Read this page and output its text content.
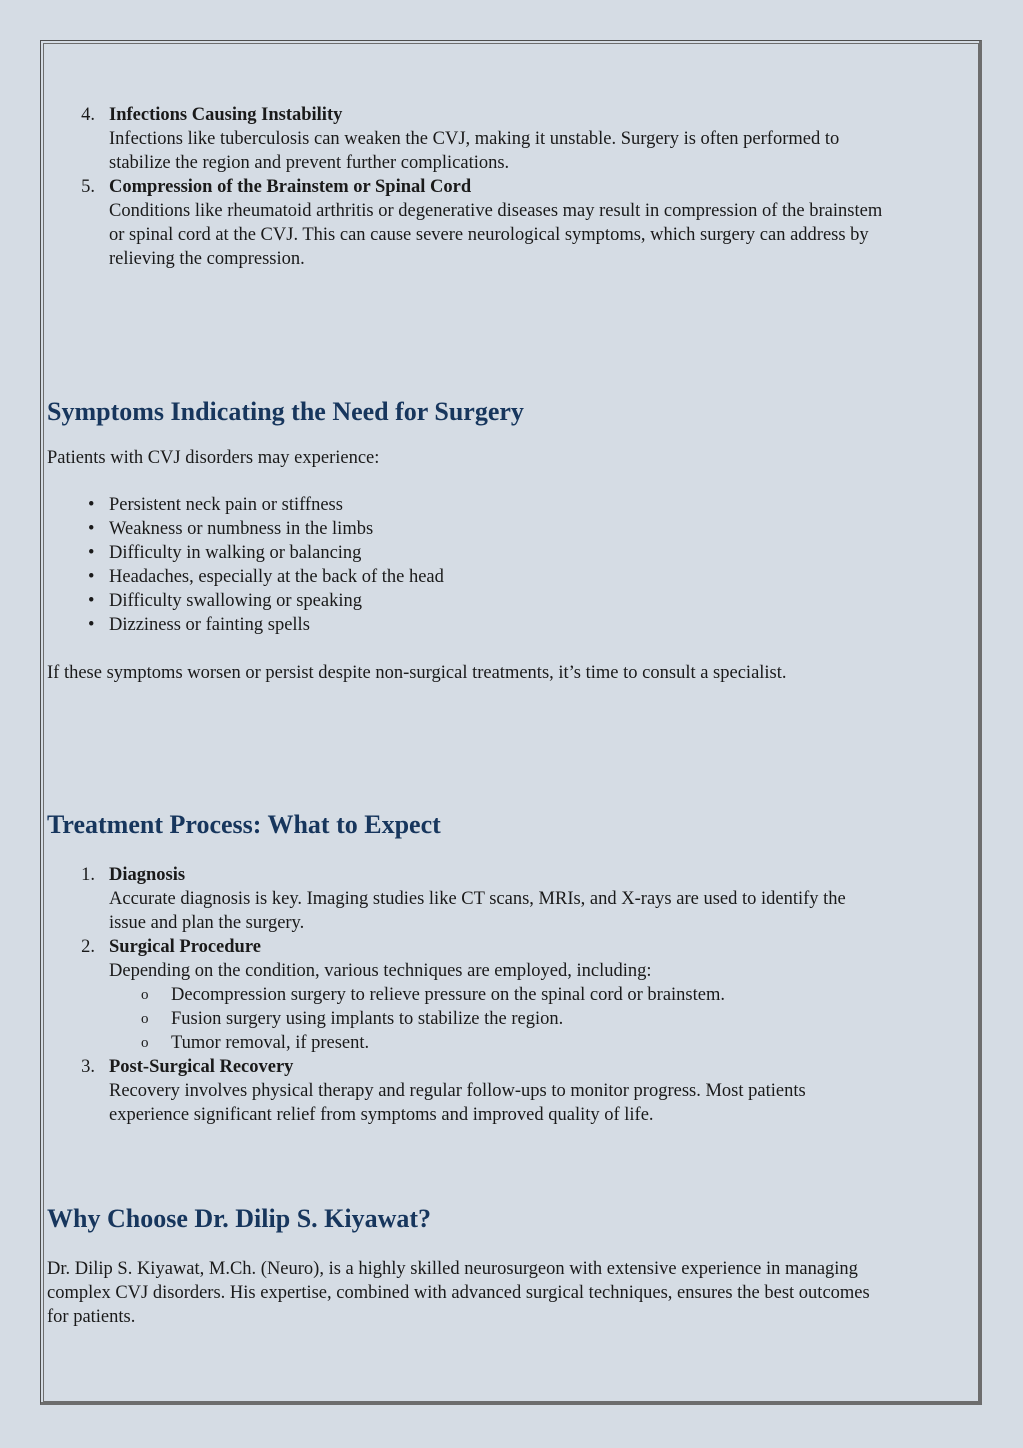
4. Infections Causing Instability
Infections like tuberculosis can weaken the CVJ, making it unstable. Surgery is often performed to
stabilize the region and prevent further complications.
5. Compression of the Brainstem or Spinal Cord
Conditions like rheumatoid arthritis or degenerative diseases may result in compression of the brainstem
or spinal cord at the CVJ. This can cause severe neurological symptoms, which surgery can address by
relieving the compression.
Symptoms Indicating the Need for Surgery

Patients with CVJ disorders may experience:

• Persistent neck pain or stiffness
• Weakness or numbness in the limbs
• Difficulty in walking or balancing
• Headaches, especially at the back of the head
• Difficulty swallowing or speaking
• Dizziness or fainting spells

If these symptoms worsen or persist despite non-surgical treatments, it’s time to consult a specialist.

Treatment Process: What to Expect
1. Diagnosis
Accurate diagnosis is key. Imaging studies like CT scans, MRIs, and X-rays are used to identify the
issue and plan the surgery.
2. Surgical Procedure
Depending on the condition, various techniques are employed, including:
o Decompression surgery to relieve pressure on the spinal cord or brainstem.
o Fusion surgery using implants to stabilize the region.
o Tumor removal, if present.
3. Post-Surgical Recovery
Recovery involves physical therapy and regular follow-ups to monitor progress. Most patients
experience significant relief from symptoms and improved quality of life.
Why Choose Dr. Dilip S. Kiyawat?
Dr. Dilip S. Kiyawat, M.Ch. (Neuro), is a highly skilled neurosurgeon with extensive experience in managing
complex CVJ disorders. His expertise, combined with advanced surgical techniques, ensures the best outcomes
for patients.
